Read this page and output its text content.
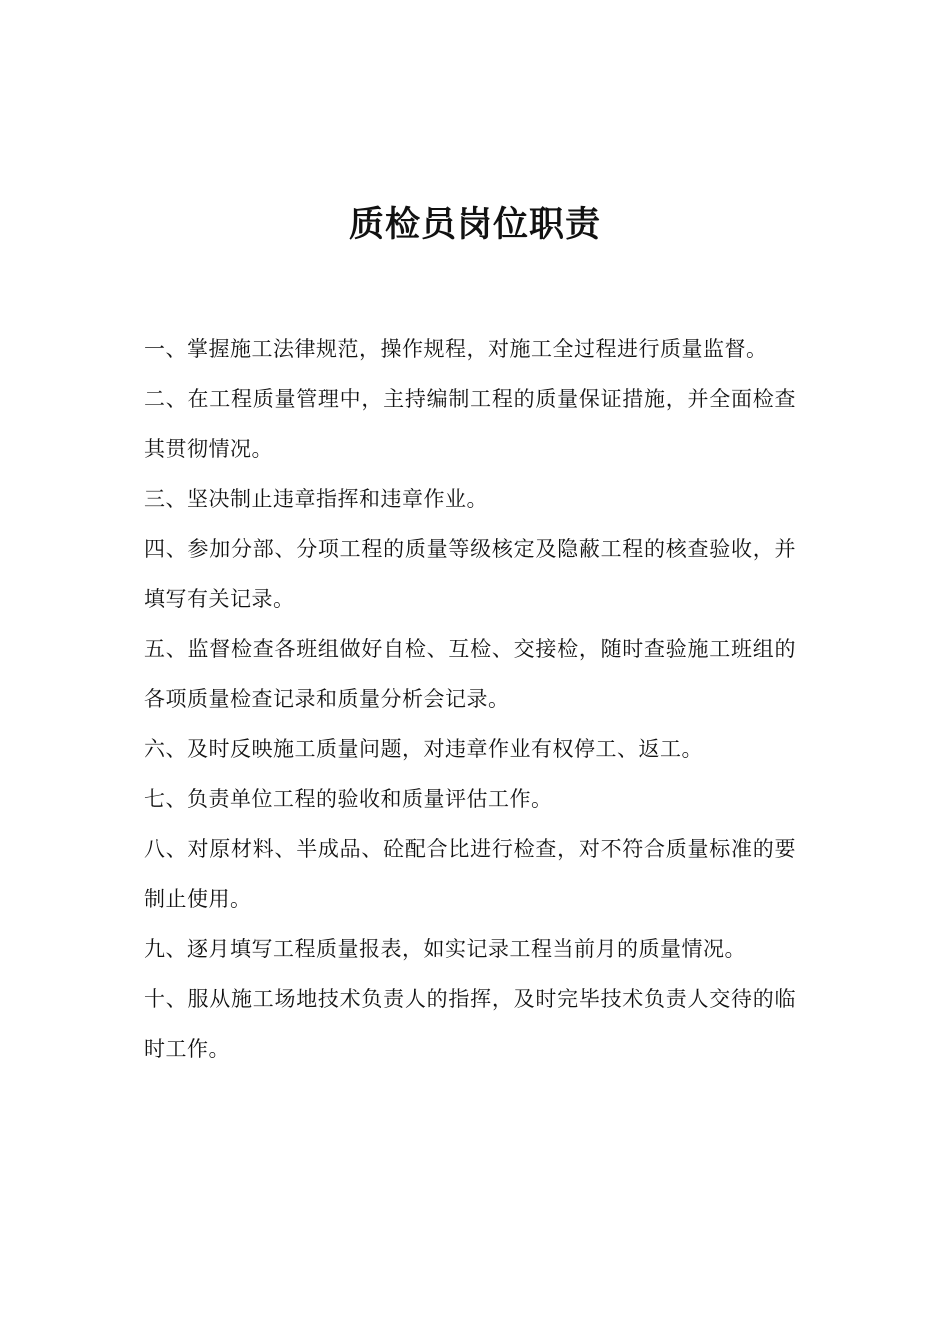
质检员岗位职责

一、掌握施工法律规范，操作规程，对施工全过程进行质量监督。

二、在工程质量管理中，主持编制工程的质量保证措施，并全面检查其贯彻情况。

三、坚决制止违章指挥和违章作业。

四、参加分部、分项工程的质量等级核定及隐蔽工程的核查验收，并填写有关记录。

五、监督检查各班组做好自检、互检、交接检，随时查验施工班组的各项质量检查记录和质量分析会记录。

六、及时反映施工质量问题，对违章作业有权停工、返工。

七、负责单位工程的验收和质量评估工作。

八、对原材料、半成品、砼配合比进行检查，对不符合质量标准的要制止使用。

九、逐月填写工程质量报表，如实记录工程当前月的质量情况。

十、服从施工场地技术负责人的指挥，及时完毕技术负责人交待的临时工作。
